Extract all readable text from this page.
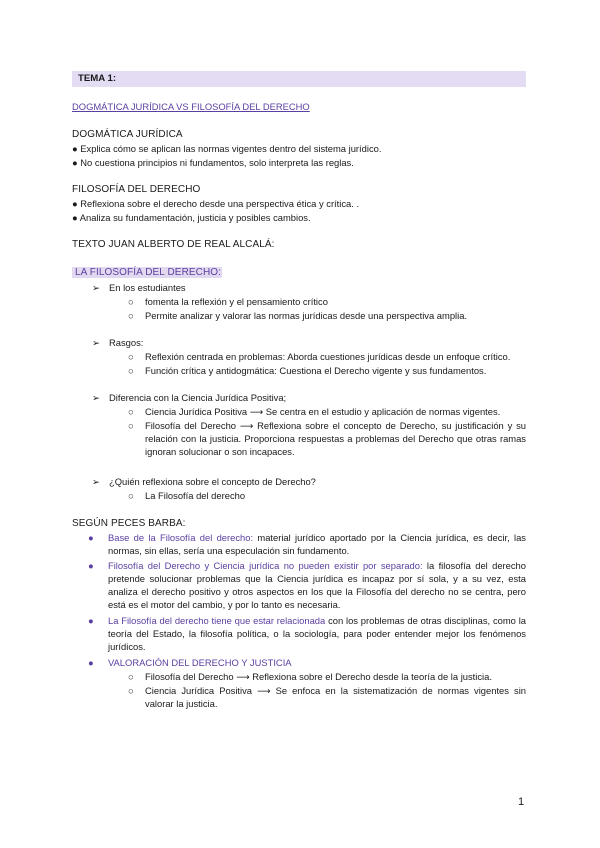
TEMA 1:
DOGMÁTICA JURÍDICA VS FILOSOFÍA DEL DERECHO
DOGMÁTICA JURÍDICA
● Explica cómo se aplican las normas vigentes dentro del sistema jurídico.
● No cuestiona principios ni fundamentos, solo interpreta las reglas.
FILOSOFÍA DEL DERECHO
● Reflexiona sobre el derecho desde una perspectiva ética y crítica. .
● Analiza su fundamentación, justicia y posibles cambios.
TEXTO JUAN ALBERTO DE REAL ALCALÁ:
LA FILOSOFÍA DEL DERECHO:
➢ En los estudiantes
○ fomenta la reflexión y el pensamiento crítico
○ Permite analizar y valorar las normas jurídicas desde una perspectiva amplia.
➢ Rasgos:
○ Reflexión centrada en problemas: Aborda cuestiones jurídicas desde un enfoque crítico.
○ Función crítica y antidogmática: Cuestiona el Derecho vigente y sus fundamentos.
➢ Diferencia con la Ciencia Jurídica Positiva;
○ Ciencia Jurídica Positiva ⟶ Se centra en el estudio y aplicación de normas vigentes.
○ Filosofía del Derecho ⟶ Reflexiona sobre el concepto de Derecho, su justificación y su relación con la justicia. Proporciona respuestas a problemas del Derecho que otras ramas ignoran solucionar o son incapaces.
➢ ¿Quién reflexiona sobre el concepto de Derecho?
○ La Filosofía del derecho
SEGÚN PECES BARBA:
● Base de la Filosofía del derecho: material jurídico aportado por la Ciencia jurídica, es decir, las normas, sin ellas, sería una especulación sin fundamento.
● Filosofía del Derecho y Ciencia jurídica no pueden existir por separado: la filosofía del derecho pretende solucionar problemas que la Ciencia jurídica es incapaz por sí sola, y a su vez, esta analiza el derecho positivo y otros aspectos en los que la Filosofía del derecho no se centra, pero está es el motor del cambio, y por lo tanto es necesaria.
● La Filosofía del derecho tiene que estar relacionada con los problemas de otras disciplinas, como la teoría del Estado, la filosofía política, o la sociología, para poder entender mejor los fenómenos jurídicos.
● VALORACIÓN DEL DERECHO Y JUSTICIA
○ Filosofía del Derecho ⟶ Reflexiona sobre el Derecho desde la teoría de la justicia.
○ Ciencia Jurídica Positiva ⟶ Se enfoca en la sistematización de normas vigentes sin valorar la justicia.
1
